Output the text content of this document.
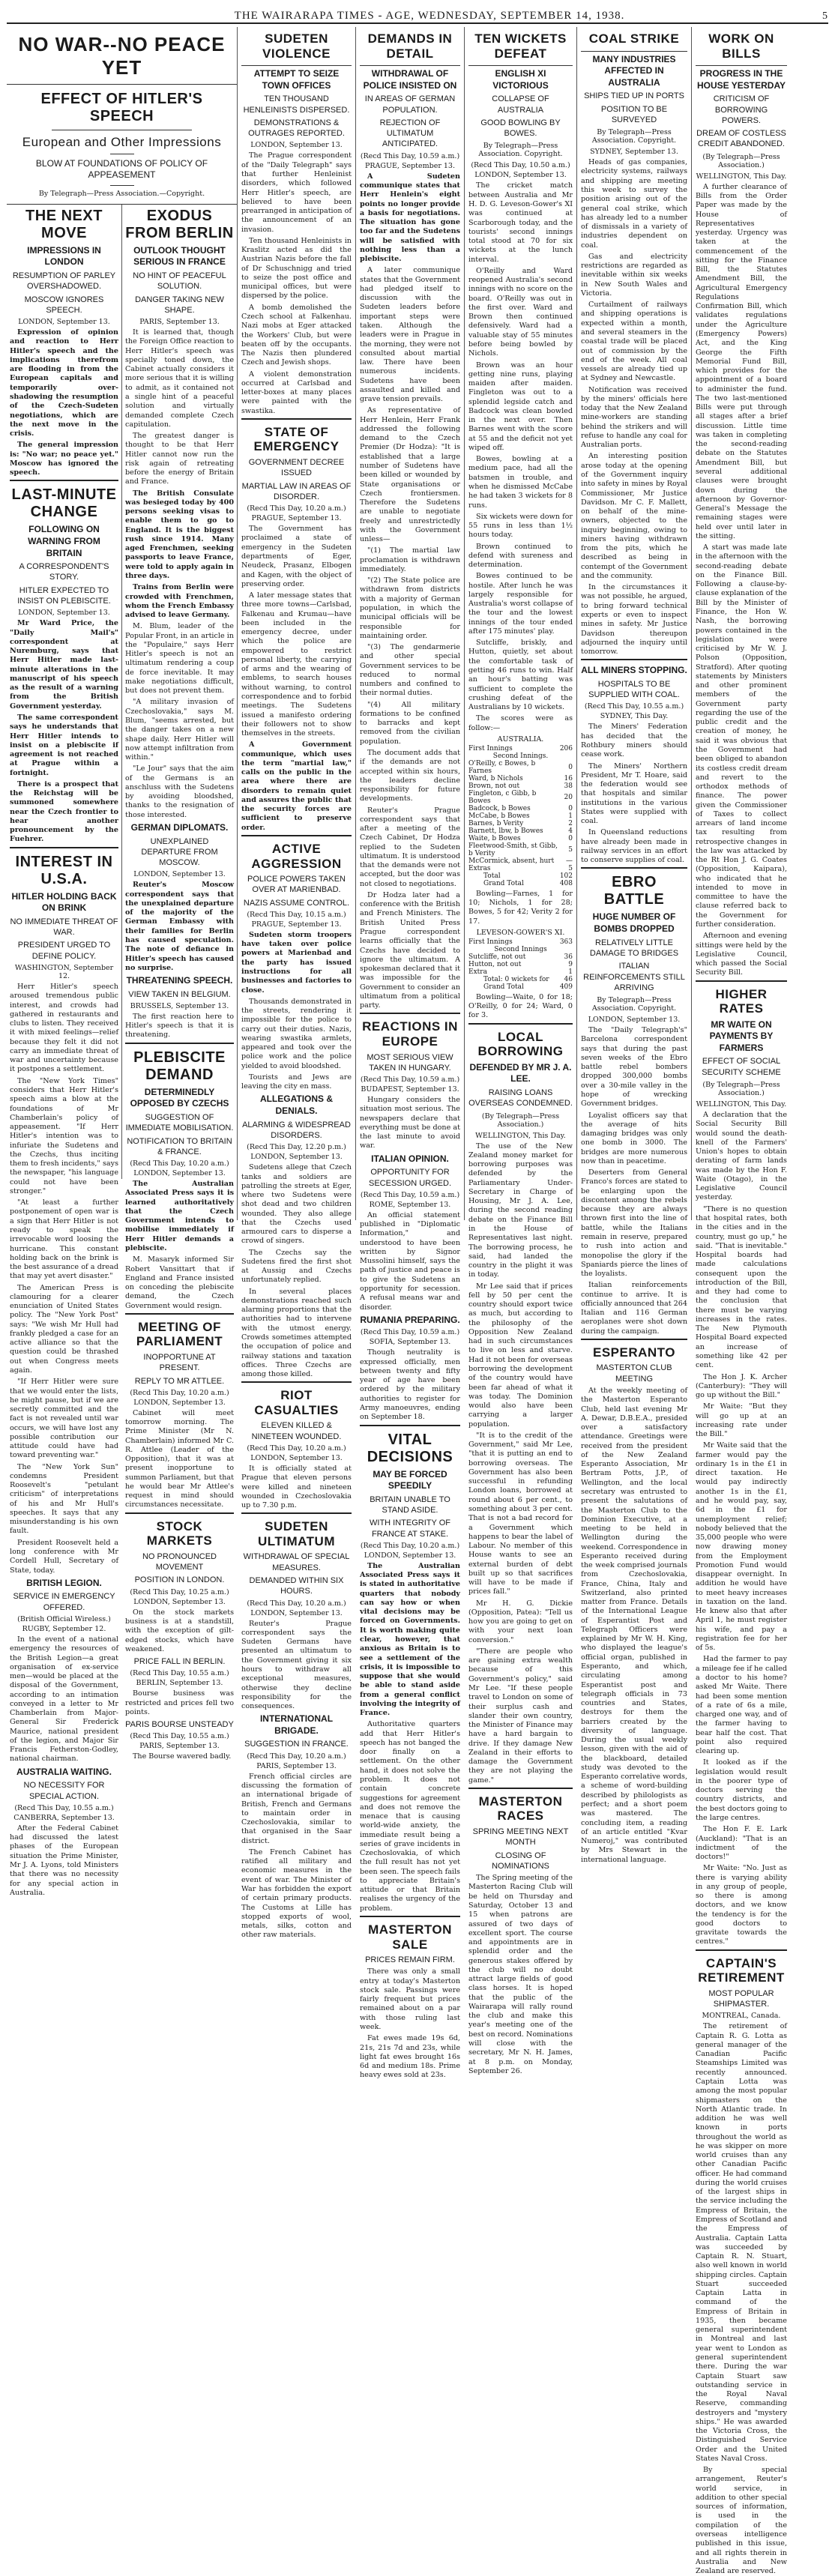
THE WAIRARAPA TIMES - AGE, WEDNESDAY, SEPTEMBER 14, 1938.	5
NO WAR--NO PEACE YET
EFFECT OF HITLER'S SPEECH
European and Other Impressions
BLOW AT FOUNDATIONS OF POLICY OF APPEASEMENT
By Telegraph—Press Association.—Copyright.
THE NEXT MOVE
IMPRESSIONS IN LONDON
RESUMPTION OF PARLEY OVERSHADOWED.
MOSCOW IGNORES SPEECH.
LONDON, September 13.

Expression of opinion and reaction to Herr Hitler's speech and the implications therefrom are flooding in from the European capitals and temporarily over-shadowing the resumption of the Czech-Sudeten negotiations, which are the next move in the crisis.

The general impression is: "No war; no peace yet." Moscow has ignored the speech.

LAST-MINUTE CHANGE
FOLLOWING ON WARNING FROM BRITAIN
A CORRESPONDENT'S STORY.
HITLER EXPECTED TO INSIST ON PLEBISCITE.
LONDON, September 13.

Mr Ward Price, the "Daily Mail's" correspondent at Nuremburg, says that Herr Hitler made last-minute alterations in the manuscript of his speech as the result of a warning from the British Government yesterday.

The same correspondent says he understands that Herr Hitler intends to insist on a plebiscite if agreement is not reached at Prague within a fortnight.

There is a prospect that the Reichstag will be summoned somewhere near the Czech frontier to hear another pronouncement by the Fuehrer.

INTEREST IN U.S.A.
HITLER HOLDING BACK ON BRINK
NO IMMEDIATE THREAT OF WAR.
PRESIDENT URGED TO DEFINE POLICY.
WASHINGTON, September 12.

Herr Hitler's speech aroused tremendous public interest, and crowds had gathered in restaurants and clubs to listen. They received it with mixed feelings—relief because they felt it did not carry an immediate threat of war and uncertainty because it postpones a settlement.

The "New York Times" considers that Herr Hitler's speech aims a blow at the foundations of Mr Chamberlain's policy of appeasement. "If Herr Hitler's intention was to infuriate the Sudetens and the Czechs, thus inciting them to fresh incidents," says the newspaper, "his language could not have been stronger."

"At least a further postponement of open war is a sign that Herr Hitler is not ready to speak the irrevocable word loosing the hurricane. This constant holding back on the brink is the best assurance of a dread that may yet avert disaster."

The American Press is clamouring for a clearer enunciation of United States policy. The "New York Post" says: "We wish Mr Hull had frankly pledged a case for an active alliance so that the question could be thrashed out when Congress meets again.

"If Herr Hitler were sure that we would enter the lists, he might pause, but if we are secretly committed and the fact is not revealed until war occurs, we will have lost any possible contribution our attitude could have had toward preventing war."

The "New York Sun" condemns President Roosevelt's "petulant criticism" of interpretations of his and Mr Hull's speeches. It says that any misunderstanding is his own fault.

President Roosevelt held a long conference with Mr Cordell Hull, Secretary of State, today.

BRITISH LEGION.
SERVICE IN EMERGENCY OFFERED.
(British Official Wireless.)
RUGBY, September 12.

In the event of a national emergency the resources of the British Legion—a great organisation of ex-service men—would be placed at the disposal of the Government, according to an intimation conveyed in a letter to Mr Chamberlain from Major-General Sir Frederick Maurice, national president of the legion, and Major Sir Francis Fetherston-Godley, national chairman.

AUSTRALIA WAITING.
NO NECESSITY FOR SPECIAL ACTION.
(Recd This Day, 10.55 a.m.)
CANBERRA, September 13.

After the Federal Cabinet had discussed the latest phases of the European situation the Prime Minister, Mr J. A. Lyons, told Ministers that there was no necessity for any special action in Australia.

EXODUS FROM BERLIN
OUTLOOK THOUGHT SERIOUS IN FRANCE
NO HINT OF PEACEFUL SOLUTION.
DANGER TAKING NEW SHAPE.
PARIS, September 13.

It is learned that, though the Foreign Office reaction to Herr Hitler's speech was specially toned down, the Cabinet actually considers it more serious that it is willing to admit, as it contained not a single hint of a peaceful solution and virtually demanded complete Czech capitulation.

The greatest danger is thought to be that Herr Hitler cannot now run the risk again of retreating before the energy of Britain and France.

The British Consulate was besieged today by 400 persons seeking visas to enable them to go to England. It is the biggest rush since 1914. Many aged Frenchmen, seeking passports to leave France, were told to apply again in three days.

Trains from Berlin were crowded with Frenchmen, whom the French Embassy advised to leave Germany.

M. Blum, leader of the Popular Front, in an article in the "Populaire," says Herr Hitler's speech is not an ultimatum rendering a coup de force inevitable. It may make negotiations difficult, but does not prevent them.

"A military invasion of Czechoslovakia," says M. Blum, "seems arrested, but the danger takes on a new shape daily. Herr Hitler will now attempt infiltration from within."

"Le Jour" says that the aim of the Germans is an anschluss with the Sudetens by avoiding bloodshed, thanks to the resignation of those interested.

GERMAN DIPLOMATS.
UNEXPLAINED DEPARTURE FROM MOSCOW.
LONDON, September 13.

Reuter's Moscow correspondent says that the unexplained departure of the majority of the German Embassy with their families for Berlin has caused speculation. The note of defiance in Hitler's speech has caused no surprise.

THREATENING SPEECH.
VIEW TAKEN IN BELGIUM.
BRUSSELS, September 13.

The first reaction here to Hitler's speech is that it is threatening.

PLEBISCITE DEMAND
DETERMINEDLY OPPOSED BY CZECHS
SUGGESTION OF IMMEDIATE MOBILISATION.
NOTIFICATION TO BRITAIN & FRANCE.
(Recd This Day, 10.20 a.m.)
LONDON, September 13.

The Australian Associated Press says it is learned authoritatively that the Czech Government intends to mobilise immediately if Herr Hitler demands a plebiscite.

M. Masaryk informed Sir Robert Vansittart that if England and France insisted on conceding the plebiscite demand, the Czech Government would resign.

MEETING OF PARLIAMENT
INOPPORTUNE AT PRESENT.
REPLY TO MR ATTLEE.
(Recd This Day, 10.20 a.m.)
LONDON, September 13.

Cabinet will meet tomorrow morning. The Prime Minister (Mr N. Chamberlain) informed Mr C. R. Attlee (Leader of the Opposition), that it was at present inopportune to summon Parliament, but that he would bear Mr Attlee's request in mind should circumstances necessitate.

STOCK MARKETS
NO PRONOUNCED MOVEMENT
POSITION IN LONDON.
(Recd This Day, 10.25 a.m.)
LONDON, September 13.

On the stock markets business is at a standstill, with the exception of gilt-edged stocks, which have weakened.

PRICE FALL IN BERLIN.
(Recd This Day, 10.55 a.m.)
BERLIN, September 13.

Bourse business was restricted and prices fell two points.

PARIS BOURSE UNSTEADY
(Recd This Day, 10.55 a.m.)
PARIS, September 13.

The Bourse wavered badly.

SUDETEN VIOLENCE
ATTEMPT TO SEIZE TOWN OFFICES
TEN THOUSAND HENLEINISTS DISPERSED.
DEMONSTRATIONS & OUTRAGES REPORTED.
LONDON, September 13.

The Prague correspondent of the "Daily Telegraph" says that further Henleinist disorders, which followed Herr Hitler's speech, are believed to have been prearranged in anticipation of the announcement of an invasion.

Ten thousand Henleinists in Kraslitz acted as did the Austrian Nazis before the fall of Dr Schuschnigg and tried to seize the post office and municipal offices, but were dispersed by the police.

A bomb demolished the Czech school at Falkenhau. Nazi mobs at Eger attacked the Workers' Club, but were beaten off by the occupants. The Nazis then plundered Czech and Jewish shops.

A violent demonstration occurred at Carlsbad and letter-boxes at many places were painted with the swastika.

STATE OF EMERGENCY
GOVERNMENT DECREE ISSUED
MARTIAL LAW IN AREAS OF DISORDER.
(Recd This Day, 10.20 a.m.)
PRAGUE, September 13.

The Government has proclaimed a state of emergency in the Sudeten departments of Eger, Neudeck, Prasanz, Elbogen and Kagen, with the object of preserving order.

A later message states that three more towns—Carlsbad, Falkenau and Krumau—have been included in the emergency decree, under which the police are empowered to restrict personal liberty, the carrying of arms and the wearing of emblems, to search houses without warning, to control correspondence and to forbid meetings. The Sudetens issued a manifesto ordering their followers not to show themselves in the streets.

A Government communique, which uses the term "martial law," calls on the public in the area where there are disorders to remain quiet and assures the public that the security forces are sufficient to preserve order.

ACTIVE AGGRESSION
POLICE POWERS TAKEN OVER AT MARIENBAD.
NAZIS ASSUME CONTROL.
(Recd This Day, 10.15 a.m.)
PRAGUE, September 13.

Sudeten storm troopers have taken over police powers at Marienbad and the party has issued instructions for all businesses and factories to close.

Thousands demonstrated in the streets, rendering it impossible for the police to carry out their duties. Nazis, wearing swastika armlets, appeared and took over the police work and the police yielded to avoid bloodshed.

Tourists and Jews are leaving the city en mass.

ALLEGATIONS & DENIALS.
ALARMING & WIDESPREAD DISORDERS.
(Recd This Day, 12.20 p.m.)
LONDON, September 13.

Sudetens allege that Czech tanks and soldiers are patrolling the streets at Eger, where two Sudetens were shot dead and two children wounded. They also allege that the Czechs used armoured cars to disperse a crowd of singers.

The Czechs say the Sudetens fired the first shot at Aussig and Czechs unfortunately replied.

In several places demonstrations reached such alarming proportions that the authorities had to intervene with the utmost energy. Crowds sometimes attempted the occupation of police and railway stations and taxation offices. Three Czechs are among those killed.

RIOT CASUALTIES
ELEVEN KILLED & NINETEEN WOUNDED.
(Recd This Day, 10.20 a.m.)
LONDON, September 13.

It is officially stated at Prague that eleven persons were killed and nineteen wounded in Czechoslovakia up to 7.30 p.m.

SUDETEN ULTIMATUM
WITHDRAWAL OF SPECIAL MEASURES.
DEMANDED WITHIN SIX HOURS.
(Recd This Day, 10.20 a.m.)
LONDON, September 13.

Reuter's Prague correspondent says the Sudeten Germans have presented an ultimatum to the Government giving it six hours to withdraw all exceptional measures, otherwise they decline responsibility for the consequences.

INTERNATIONAL BRIGADE.
SUGGESTION IN FRANCE.
(Recd This Day, 10.20 a.m.)
PARIS, September 13.

French official circles are discussing the formation of an international brigade of British, French and Germans to maintain order in Czechoslovakia, similar to that organised in the Saar district.

The French Cabinet has ratified all military and economic measures in the event of war. The Minister of War has forbidden the export of certain primary products. The Customs at Lille has stopped exports of wool, metals, silks, cotton and other raw materials.

DEMANDS IN DETAIL
WITHDRAWAL OF POLICE INSISTED ON
IN AREAS OF GERMAN POPULATION.
REJECTION OF ULTIMATUM ANTICIPATED.
(Recd This Day, 10.59 a.m.)
PRAGUE, September 13.

A Sudeten communique states that Herr Henlein's eight points no longer provide a basis for negotiations. The situation has gone too far and the Sudetens will be satisfied with nothing less than a plebiscite.

A later communique states that the Government had pledged itself to discussion with the Sudeten leaders before important steps were taken. Although the leaders were in Prague in the morning, they were not consulted about martial law. There have been numerous incidents. Sudetens have been assaulted and killed and grave tension prevails.

As representative of Herr Henlein, Herr Frank addressed the following demand to the Czech Premier (Dr Hodza): "It is established that a large number of Sudetens have been killed or wounded by State organisations or Czech frontiersmen. Therefore the Sudetens are unable to negotiate freely and unrestrictedly with the Government unless—

"(1) The martial law proclamation is withdrawn immediately.

"(2) The State police are withdrawn from districts with a majority of German population, in which the municipal officials will be responsible for maintaining order.

"(3) The gendarmerie and other special Government services to be reduced to normal numbers and confined to their normal duties.

"(4) All military formations to be confined to barracks and kept removed from the civilian population.

The document adds that if the demands are not accepted within six hours, the leaders decline responsibility for future developments.

Reuter's Prague correspondent says that after a meeting of the Czech Cabinet, Dr Hodza replied to the Sudeten ultimatum. It is understood that the demands were not accepted, but the door was not closed to negotiations.

Dr Hodza later had a conference with the British and French Ministers. The British United Press Prague correspondent learns officially that the Czechs have decided to ignore the ultimatum. A spokesman declared that it was impossible for the Government to consider an ultimatum from a political party.

REACTIONS IN EUROPE
MOST SERIOUS VIEW TAKEN IN HUNGARY.
(Recd This Day, 10.59 a.m.)
BUDAPEST, September 13.

Hungary considers the situation most serious. The newspapers declare that everything must be done at the last minute to avoid war.

ITALIAN OPINION.
OPPORTUNITY FOR SECESSION URGED.
(Recd This Day, 10.59 a.m.)
ROME, September 13.

An official statement published in "Diplomatic Information," and understood to have been written by Signor Mussolini himself, says the path of justice and peace is to give the Sudetens an opportunity for secession. A refusal means war and disorder.

RUMANIA PREPARING.
(Recd This Day, 10.59 a.m.)
SOFIA, September 13.

Though neutrality is expressed officially, men between twenty and fifty year of age have been ordered by the military authorities to register for Army manoeuvres, ending on September 18.

VITAL DECISIONS
MAY BE FORCED SPEEDILY
BRITAIN UNABLE TO STAND ASIDE.
WITH INTEGRITY OF FRANCE AT STAKE.
(Recd This Day, 10.20 a.m.)
LONDON, September 13.

The Australian Associated Press says it is stated in authoritative quarters that nobody can say how or when vital decisions may be forced on Governments. It is worth making quite clear, however, that anxious as Britain is to see a settlement of the crisis, it is impossible to suppose that she would be able to stand aside from a general conflict involving the integrity of France.

Authoritative quarters add that Herr Hitler's speech has not banged the door finally on a settlement. On the other hand, it does not solve the problem. It does not contain concrete suggestions for agreement and does not remove the menace that is causing world-wide anxiety, the immediate result being a series of grave incidents in Czechoslovakia, of which the full result has not yet been seen. The speech fails to appreciate Britain's attitude or that Britain realises the urgency of the problem.

MASTERTON SALE
PRICES REMAIN FIRM.

There was only a small entry at today's Masterton stock sale. Passings were fairly frequent but prices remained about on a par with those ruling last week.

Fat ewes made 19s 6d, 21s, 21s 7d and 23s, while light fat ewes brought 16s 6d and medium 18s. Prime heavy ewes sold at 23s.

TEN WICKETS DEFEAT
ENGLISH XI VICTORIOUS
COLLAPSE OF AUSTRALIA
GOOD BOWLING BY BOWES.
By Telegraph—Press Association. Copyright.
(Recd This Day, 10.50 a.m.)
LONDON, September 13.

The cricket match between Australia and Mr H. D. G. Leveson-Gower's XI was continued at Scarborough today, and the tourists' second innings total stood at 70 for six wickets at the lunch interval.

O'Reilly and Ward reopened Australia's second innings with no score on the board. O'Reilly was out in the first over. Ward and Brown then continued defensively. Ward had a valuable stay of 55 minutes before being bowled by Nichols.

Brown was an hour getting nine runs, playing maiden after maiden. Fingleton was out to a splendid legside catch and Badcock was clean bowled in the next over. Then Barnes went with the score at 55 and the deficit not yet wiped off.

Bowes, bowling at a medium pace, had all the batsmen in trouble, and when he dismissed McCabe he had taken 3 wickets for 8 runs.

Six wickets were down for 55 runs in less than 1½ hours today.

Brown continued to defend with sureness and determination.

Bowes continued to be hostile. After lunch he was largely responsible for Australia's worst collapse of the tour and the lowest innings of the tour ended after 175 minutes' play.

Sutcliffe, briskly, and Hutton, quietly, set about the comfortable task of getting 46 runs to win. Half an hour's batting was sufficient to complete the crushing defeat of the Australians by 10 wickets.

The scores were as follow:—

AUSTRALIA.
First Innings	206
Second Innings.	
O'Reilly, c Bowes, b Farnes	0
Ward, b Nichols	16
Brown, not out	38
Fingleton, c Gibb, b Bowes	20
Badcock, b Bowes	0
McCabe, b Bowes	1
Barnes, b Verity	2
Barnett, lbw, b Bowes	4
Waite, b Bowes	0
Fleetwood-Smith, st Gibb, b Verity	5
McCormick, absent, hurt	—
Extras	5
Total	102
Grand Total	408

Bowling—Farnes, 1 for 10; Nichols, 1 for 28; Bowes, 5 for 42; Verity 2 for 17.

LEVESON-GOWER'S XI.
First Innings	363
Second Innings	
Sutcliffe, not out	36
Hutton, not out	9
Extra	1
Total: 0 wickets for	46
Grand Total	409

Bowling—Waite, 0 for 18; O'Reilly, 0 for 24; Ward, 0 for 3.

LOCAL BORROWING
DEFENDED BY MR J. A. LEE.
RAISING LOANS OVERSEAS CONDEMNED.
(By Telegraph—Press Association.)
WELLINGTON, This Day.

The use of the New Zealand money market for borrowing purposes was defended by the Parliamentary Under-Secretary in Charge of Housing, Mr J. A. Lee, during the second reading debate on the Finance Bill in the House of Representatives last night. The borrowing process, he said, had landed the country in the plight it was in today.

Mr Lee said that if prices fell by 50 per cent the country should export twice as much, but according to the philosophy of the Opposition New Zealand had in such circumstances to live on less and starve. Had it not been for overseas borrowing the development of the country would have been far ahead of what it was today. The Dominion would also have been carrying a larger population.

"It is to the credit of the Government," said Mr Lee, "that it is putting an end to borrowing overseas. The Government has also been successful in refunding London loans, borrowed at round about 6 per cent., to something about 3 per cent. That is not a bad record for a Government which happens to bear the label of Labour. No member of this House wants to see an external burden of debt built up so that sacrifices will have to be made if prices fall."

Mr H. G. Dickie (Opposition, Patea): "Tell us how you are going to get on with your next loan conversion."

"There are people who are gaining extra wealth because of this Government's policy," said Mr Lee. "If these people travel to London on some of their surplus cash and slander their own country, the Minister of Finance may have a hard bargain to drive. If they damage New Zealand in their efforts to damage the Government they are not playing the game."

MASTERTON RACES
SPRING MEETING NEXT MONTH
CLOSING OF NOMINATIONS

The Spring meeting of the Masterton Racing Club will be held on Thursday and Saturday, October 13 and 15 when patrons are assured of two days of excellent sport. The course and appointments are in splendid order and the generous stakes offered by the club will no doubt attract large fields of good class horses. It is hoped that the public of the Wairarapa will rally round the club and make this year's meeting one of the best on record. Nominations will close with the secretary, Mr N. H. James, at 8 p.m. on Monday, September 26.

COAL STRIKE
MANY INDUSTRIES AFFECTED IN AUSTRALIA
SHIPS TIED UP IN PORTS
POSITION TO BE SURVEYED
By Telegraph—Press Association. Copyright.
SYDNEY, September 13.

Heads of gas companies, electricity systems, railways and shipping are meeting this week to survey the position arising out of the general coal strike, which has already led to a number of dismissals in a variety of industries dependent on coal.

Gas and electricity restrictions are regarded as inevitable within six weeks in New South Wales and Victoria.

Curtailment of railways and shipping operations is expected within a month, and several steamers in the coastal trade will be placed out of commission by the end of the week. All coal vessels are already tied up at Sydney and Newcastle.

Notification was received by the miners' officials here today that the New Zealand mine-workers are standing behind the strikers and will refuse to handle any coal for Australian ports.

An interesting position arose today at the opening of the Government inquiry into safety in mines by Royal Commissioner, Mr Justice Davidson. Mr C. F. Mallett, on behalf of the mine-owners, objected to the inquiry beginning, owing to miners having withdrawn from the pits, which he described as being in contempt of the Government and the community.

In the circumstances it was not possible, he argued, to bring forward technical experts or even to inspect mines in safety. Mr Justice Davidson thereupon adjourned the inquiry until tomorrow.

ALL MINERS STOPPING.
HOSPITALS TO BE SUPPLIED WITH COAL.
(Recd This Day, 10.55 a.m.)
SYDNEY, This Day.

The Miners' Federation has decided that the Rothbury miners should cease work.

The Miners' Northern President, Mr T. Hoare, said the federation would see that hospitals and similar institutions in the various States were supplied with coal.

In Queensland reductions have already been made in railway services in an effort to conserve supplies of coal.

EBRO BATTLE
HUGE NUMBER OF BOMBS DROPPED
RELATIVELY LITTLE DAMAGE TO BRIDGES
ITALIAN REINFORCEMENTS STILL ARRIVING
By Telegraph—Press Association. Copyright.
LONDON, September 13.

The "Daily Telegraph's" Barcelona correspondent says that during the past seven weeks of the Ebro battle rebel bombers dropped 300,000 bombs over a 30-mile valley in the hope of wrecking Government bridges.

Loyalist officers say that the average of hits damaging bridges was only one bomb in 3000. The bridges are more numerous now than in peacetime.

Deserters from General Franco's forces are stated to be enlarging upon the discontent among the rebels because they are always thrown first into the line of battle, while the Italians remain in reserve, prepared to rush into action and monopolise the glory if the Spaniards pierce the lines of the loyalists.

Italian reinforcements continue to arrive. It is officially announced that 264 Italian and 116 German aeroplanes were shot down during the campaign.

ESPERANTO
MASTERTON CLUB MEETING

At the weekly meeting of the Masterton Esperanto Club, held last evening Mr A. Dewar, D.B.E.A., presided over a satisfactory attendance. Greetings were received from the president of the New Zealand Esperanto Association, Mr Bertram Potts, J.P., of Wellington, and the local secretary was entrusted to present the salutations of the Masterton Club to the Dominion Executive, at a meeting to be held in Wellington during the weekend. Correspondence in Esperanto received during the week comprised journals from Czechoslovakia, France, China, Italy and Switzerland, also printed matter from France. Details of the International League of Esperantist Post and Telegraph Officers were explained by Mr W. H. King, who displayed the league's official organ, published in Esperanto, and which, circulating among Esperantist post and telegraph officials in 73 countries and States, destroys for them the barriers created by the diversity of language. During the usual weekly lesson, given with the aid of the blackboard, detailed study was devoted to the Esperanto correlative words, a scheme of word-building described by philologists as perfect; and a short poem was mastered. The concluding item, a reading of an article entitled "Kvar Numeroj," was contributed by Mrs Stewart in the international language.

WORK ON BILLS
PROGRESS IN THE HOUSE YESTERDAY
CRITICISM OF BORROWING POWERS.
DREAM OF COSTLESS CREDIT ABANDONED.
(By Telegraph—Press Association.)
WELLINGTON, This Day.

A further clearance of Bills from the Order Paper was made by the House of Representatives yesterday. Urgency was taken at the commencement of the sitting for the Finance Bill, the Statutes Amendment Bill, the Agricultural Emergency Regulations Confirmation Bill, which validates regulations under the Agriculture (Emergency Powers) Act, and the King George the Fifth Memorial Fund Bill, which provides for the appointment of a board to administer the fund. The two last-mentioned Bills were put through all stages after a brief discussion. Little time was taken in completing the second-reading debate on the Statutes Amendment Bill, but several additional clauses were brought down during the afternoon by Governor-General's Message the remaining stages were held over until later in the sitting.

A start was made late in the afternoon with the second-reading debate on the Finance Bill. Following a clause-by-clause explanation of the Bill by the Minister of Finance, the Hon W. Nash, the borrowing powers contained in the legislation were criticised by Mr W. J. Polson (Opposition, Stratford). After quoting statements by Ministers and other prominent members of the Government party regarding the use of the public credit and the creation of money, he said it was obvious that the Government had been obliged to abandon its costless credit dream and revert to the orthodox methods of finance. The power given the Commissioner of Taxes to collect arrears of land income tax resulting from retrospective changes in the law was attacked by the Rt Hon J. G. Coates (Opposition, Kaipara), who indicated that he intended to move in committee to have the clause referred back to the Government for further consideration.

Afternoon and evening sittings were held by the Legislative Council, which passed the Social Security Bill.

HIGHER RATES
MR WAITE ON PAYMENTS BY FARMERS
EFFECT OF SOCIAL SECURITY SCHEME
(By Telegraph—Press Association.)
WELLINGTON, This Day.

A declaration that the Social Security Bill would sound the death-knell of the Farmers' Union's hopes to obtain derating of farm lands was made by the Hon F. Waite (Otago), in the Legislative Council yesterday.

"There is no question that hospital rates, both in the cities and in the country, must go up," he said. "That is inevitable." Hospital boards had made calculations consequent upon the introduction of the Bill, and they had come to the conclusion that there must be varying increases in the rates. The New Plymouth Hospital Board expected an increase of something like 42 per cent.

The Hon J. K. Archer (Canterbury): "They will go up without the Bill."

Mr Waite: "But they will go up at an increasing rate under the Bill."

Mr Waite said that the farmer would pay the ordinary 1s in the £1 in direct taxation. He would pay indirectly another 1s in the £1, and he would pay, say, 6d in the £1 for unemployment relief; nobody believed that the 35,000 people who were now drawing money from the Employment Promotion Fund would disappear overnight. In addition he would have to meet heavy increases in taxation on the land. He knew also that after April 1, he must register his wife, and pay a registration fee for her of 5s.

Had the farmer to pay a mileage fee if he called a doctor to his home? asked Mr Waite. There had been some mention of a rate of 6s a mile, charged one way, and of the farmer having to bear half the cost. That point also required clearing up.

It looked as if the legislation would result in the poorer type of doctors serving the country districts, and the best doctors going to the large centres.

The Hon F. E. Lark (Auckland): "That is an indictment of the doctors!"

Mr Waite: "No. Just as there is varying ability in any group of people, so there is among doctors, and we know the tendency is for the good doctors to gravitate towards the centres."

CAPTAIN'S RETIREMENT
MOST POPULAR SHIPMASTER.
MONTREAL, Canada.

The retirement of Captain R. G. Lotta as general manager of the Canadian Pacific Steamships Limited was recently announced. Captain Lotta was among the most popular shipmasters on the North Atlantic trade. In addition he was well known in ports throughout the world as he was skipper on more world cruises than any other Canadian Pacific officer. He had command during the world cruises of the largest ships in the service including the Empress of Britain, the Empress of Scotland and the Empress of Australia. Captain Latta was succeeded by Captain R. N. Stuart, also well known in world shipping circles. Captain Stuart succeeded Captain Latta in command of the Empress of Britain in 1935, then became general superintendent in Montreal and last year went to London as general superintendent there. During the war Captain Stuart saw outstanding service in the Royal Naval Reserve, commanding destroyers and "mystery ships." He was awarded the Victoria Cross, the Distinguished Service Order and the United States Naval Cross.

By special arrangement, Reuter's world service, in addition to other special sources of information, is used in the compilation of the overseas intelligence published in this issue, and all rights therein in Australia and New Zealand are reserved.
